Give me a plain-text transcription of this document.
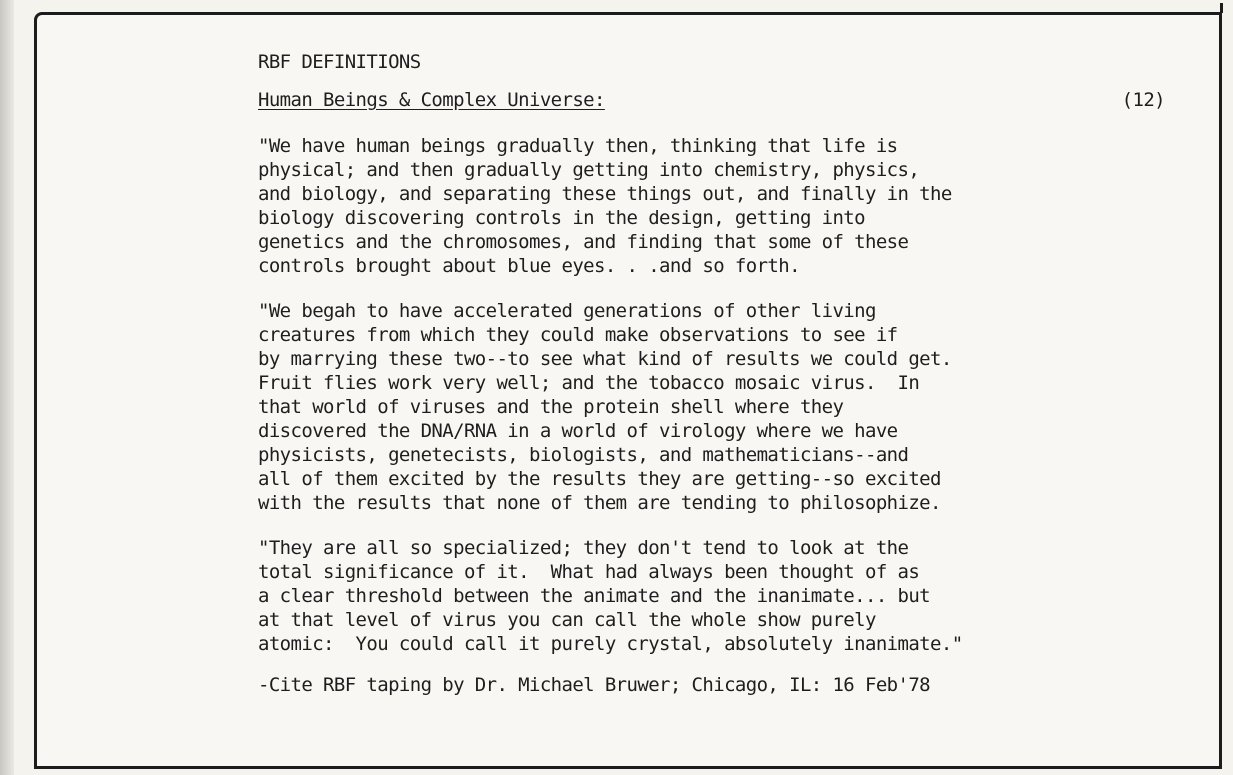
RBF DEFINITIONS
Human Beings & Complex Universe:	(12)
"We have human beings gradually then, thinking that life is
physical; and then gradually getting into chemistry, physics,
and biology, and separating these things out, and finally in the
biology discovering controls in the design, getting into
genetics and the chromosomes, and finding that some of these
controls brought about blue eyes. . .and so forth.
"We begah to have accelerated generations of other living
creatures from which they could make observations to see if
by marrying these two--to see what kind of results we could get.
Fruit flies work very well; and the tobacco mosaic virus.  In
that world of viruses and the protein shell where they
discovered the DNA/RNA in a world of virology where we have
physicists, genetecists, biologists, and mathematicians--and
all of them excited by the results they are getting--so excited
with the results that none of them are tending to philosophize.
"They are all so specialized; they don't tend to look at the
total significance of it.  What had always been thought of as
a clear threshold between the animate and the inanimate... but
at that level of virus you can call the whole show purely
atomic:  You could call it purely crystal, absolutely inanimate."
-Cite RBF taping by Dr. Michael Bruwer; Chicago, IL: 16 Feb'78
